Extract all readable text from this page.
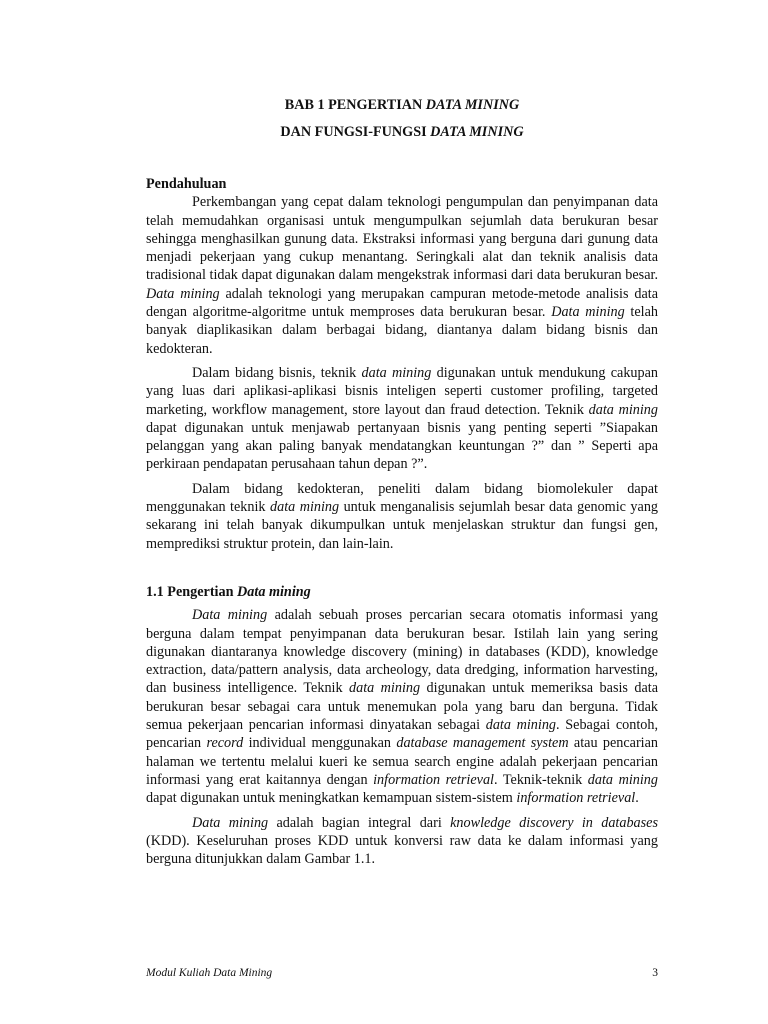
BAB 1 PENGERTIAN DATA MINING

DAN FUNGSI-FUNGSI DATA MINING

Pendahuluan

Perkembangan yang cepat dalam teknologi pengumpulan dan penyimpanan data telah memudahkan organisasi untuk mengumpulkan sejumlah data berukuran besar sehingga menghasilkan gunung data. Ekstraksi informasi yang berguna dari gunung data menjadi pekerjaan yang cukup menantang. Seringkali alat dan teknik analisis data tradisional tidak dapat digunakan dalam mengekstrak informasi dari data berukuran besar. Data mining adalah teknologi yang merupakan campuran metode-metode analisis data dengan algoritme-algoritme untuk memproses data berukuran besar. Data mining telah banyak diaplikasikan dalam berbagai bidang, diantanya dalam bidang bisnis dan kedokteran.

Dalam bidang bisnis, teknik data mining digunakan untuk mendukung cakupan yang luas dari aplikasi-aplikasi bisnis inteligen seperti customer profiling, targeted marketing, workflow management, store layout dan fraud detection. Teknik data mining dapat digunakan untuk menjawab pertanyaan bisnis yang penting seperti ”Siapakan pelanggan yang akan paling banyak mendatangkan keuntungan ?” dan ” Seperti apa perkiraan pendapatan perusahaan tahun depan ?”.

Dalam bidang kedokteran, peneliti dalam bidang biomolekuler dapat menggunakan teknik data mining untuk menganalisis sejumlah besar data genomic yang sekarang ini telah banyak dikumpulkan untuk menjelaskan struktur dan fungsi gen, memprediksi struktur protein, dan lain-lain.

1.1 Pengertian Data mining

Data mining adalah sebuah proses percarian secara otomatis informasi yang berguna dalam tempat penyimpanan data berukuran besar. Istilah lain yang sering digunakan diantaranya knowledge discovery (mining) in databases (KDD), knowledge extraction, data/pattern analysis, data archeology, data dredging, information harvesting, dan business intelligence. Teknik data mining digunakan untuk memeriksa basis data berukuran besar sebagai cara untuk menemukan pola yang baru dan berguna. Tidak semua pekerjaan pencarian informasi dinyatakan sebagai data mining. Sebagai contoh, pencarian record individual menggunakan database management system atau pencarian halaman we tertentu melalui kueri ke semua search engine adalah pekerjaan pencarian informasi yang erat kaitannya dengan information retrieval. Teknik-teknik data mining dapat digunakan untuk meningkatkan kemampuan sistem-sistem information retrieval.

Data mining adalah bagian integral dari knowledge discovery in databases (KDD). Keseluruhan proses KDD untuk konversi raw data ke dalam informasi yang berguna ditunjukkan dalam Gambar 1.1.

Modul Kuliah Data Mining	3
